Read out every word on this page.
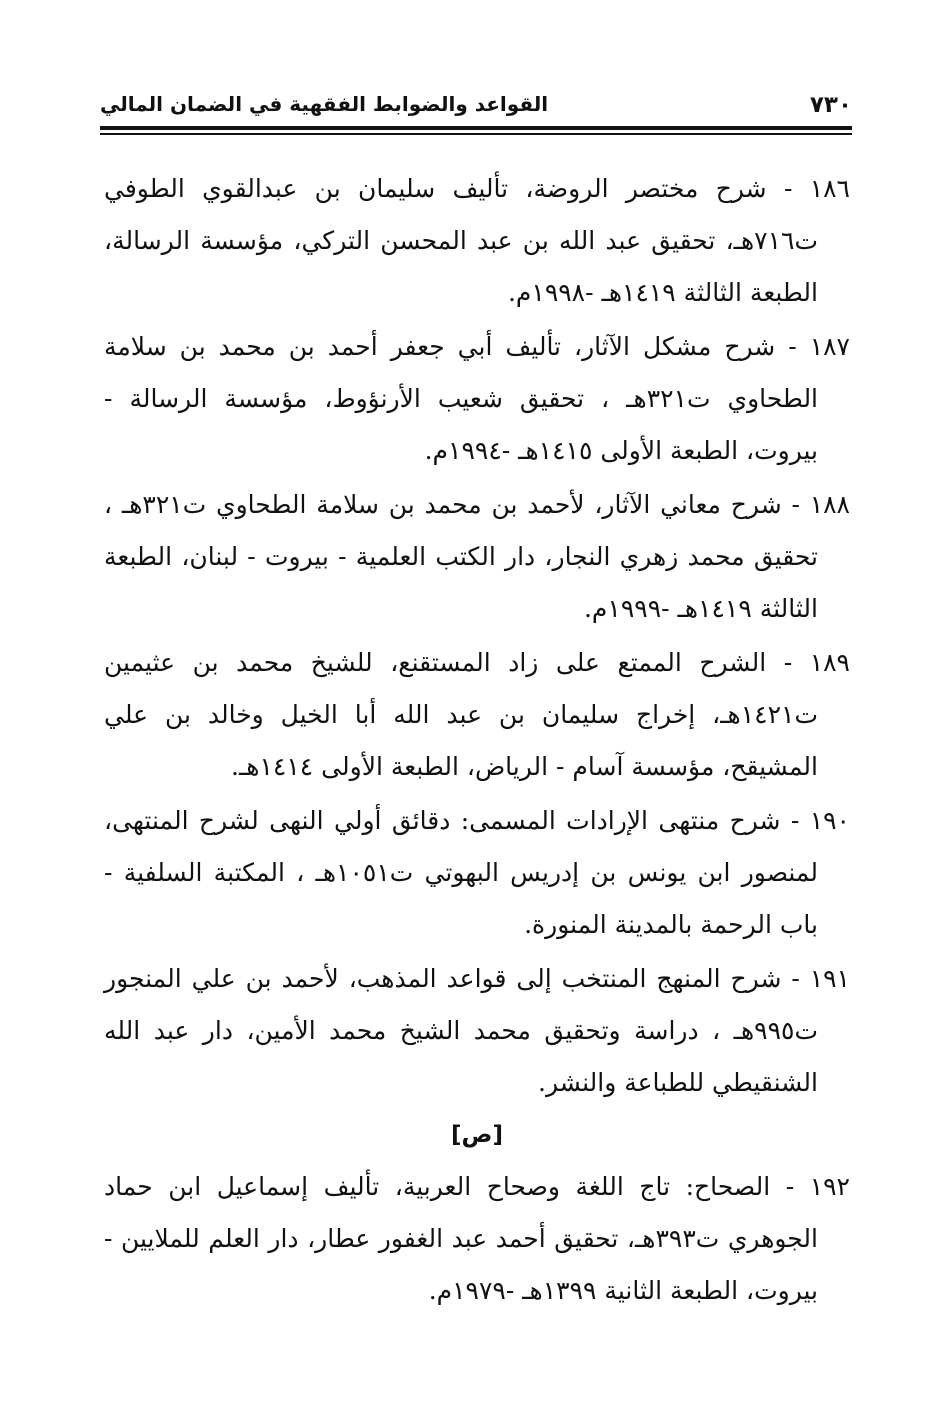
٧٣٠
القواعد والضوابط الفقهية في الضمان المالي
١٨٦ - شرح مختصر الروضة، تأليف سليمان بن عبدالقوي الطوفي ت٧١٦هـ، تحقيق عبد الله بن عبد المحسن التركي، مؤسسة الرسالة، الطبعة الثالثة ١٤١٩هـ -١٩٩٨م.
١٨٧ - شرح مشكل الآثار، تأليف أبي جعفر أحمد بن محمد بن سلامة الطحاوي ت٣٢١هـ ، تحقيق شعيب الأرنؤوط، مؤسسة الرسالة - بيروت، الطبعة الأولى ١٤١٥هـ -١٩٩٤م.
١٨٨ - شرح معاني الآثار، لأحمد بن محمد بن سلامة الطحاوي ت٣٢١هـ ، تحقيق محمد زهري النجار، دار الكتب العلمية - بيروت - لبنان، الطبعة الثالثة ١٤١٩هـ -١٩٩٩م.
١٨٩ - الشرح الممتع على زاد المستقنع، للشيخ محمد بن عثيمين ت١٤٢١هـ، إخراج سليمان بن عبد الله أبا الخيل وخالد بن علي المشيقح، مؤسسة آسام - الرياض، الطبعة الأولى ١٤١٤هـ.
١٩٠ - شرح منتهى الإرادات المسمى: دقائق أولي النهى لشرح المنتهى، لمنصور ابن يونس بن إدريس البهوتي ت١٠٥١هـ ، المكتبة السلفية - باب الرحمة بالمدينة المنورة.
١٩١ - شرح المنهج المنتخب إلى قواعد المذهب، لأحمد بن علي المنجور ت٩٩٥هـ ، دراسة وتحقيق محمد الشيخ محمد الأمين، دار عبد الله الشنقيطي للطباعة والنشر.
[ص]
١٩٢ - الصحاح: تاج اللغة وصحاح العربية، تأليف إسماعيل ابن حماد الجوهري ت٣٩٣هـ، تحقيق أحمد عبد الغفور عطار، دار العلم للملايين - بيروت، الطبعة الثانية ١٣٩٩هـ -١٩٧٩م.
